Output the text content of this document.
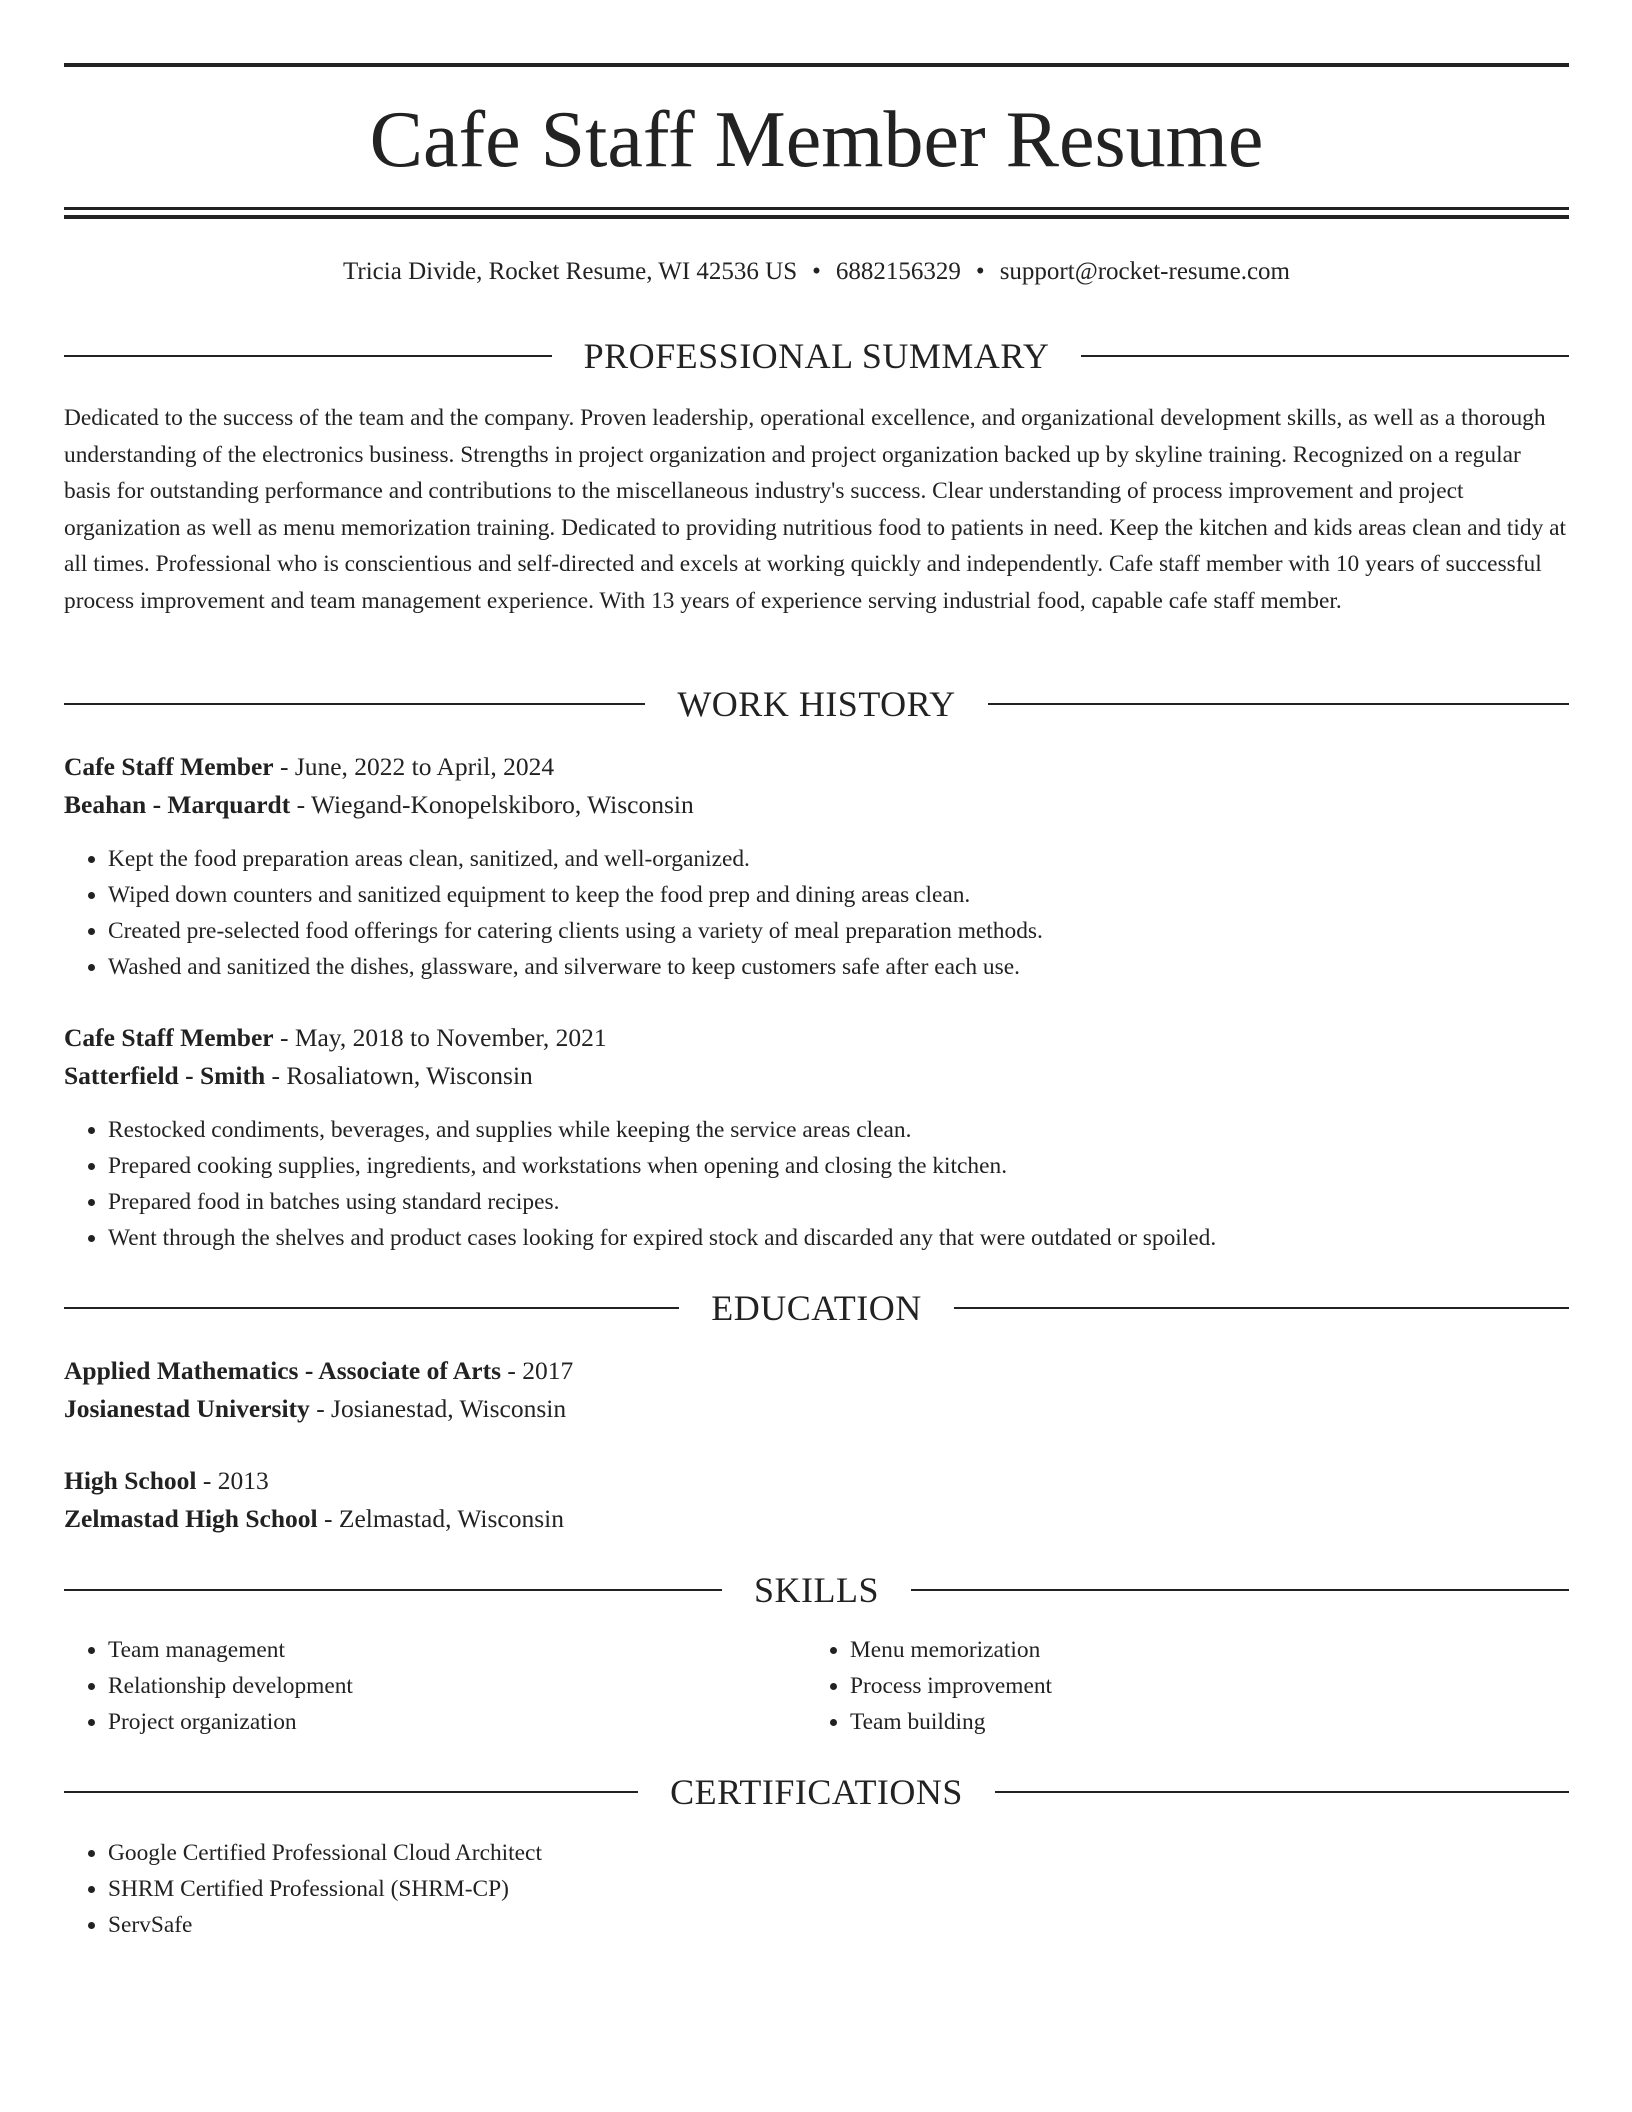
Cafe Staff Member Resume
Tricia Divide, Rocket Resume, WI 42536 US • 6882156329 • support@rocket-resume.com
PROFESSIONAL SUMMARY

Dedicated to the success of the team and the company. Proven leadership, operational excellence, and organizational development skills, as well as a thorough understanding of the electronics business. Strengths in project organization and project organization backed up by skyline training. Recognized on a regular basis for outstanding performance and contributions to the miscellaneous industry's success. Clear understanding of process improvement and project organization as well as menu memorization training. Dedicated to providing nutritious food to patients in need. Keep the kitchen and kids areas clean and tidy at all times. Professional who is conscientious and self-directed and excels at working quickly and independently. Cafe staff member with 10 years of successful process improvement and team management experience. With 13 years of experience serving industrial food, capable cafe staff member.

WORK HISTORY
Cafe Staff Member - June, 2022 to April, 2024
Beahan - Marquardt - Wiegand-Konopelskiboro, Wisconsin
• Kept the food preparation areas clean, sanitized, and well-organized.
• Wiped down counters and sanitized equipment to keep the food prep and dining areas clean.
• Created pre-selected food offerings for catering clients using a variety of meal preparation methods.
• Washed and sanitized the dishes, glassware, and silverware to keep customers safe after each use.
Cafe Staff Member - May, 2018 to November, 2021
Satterfield - Smith - Rosaliatown, Wisconsin
• Restocked condiments, beverages, and supplies while keeping the service areas clean.
• Prepared cooking supplies, ingredients, and workstations when opening and closing the kitchen.
• Prepared food in batches using standard recipes.
• Went through the shelves and product cases looking for expired stock and discarded any that were outdated or spoiled.
EDUCATION
Applied Mathematics - Associate of Arts - 2017
Josianestad University - Josianestad, Wisconsin
High School - 2013
Zelmastad High School - Zelmastad, Wisconsin
SKILLS
• Team management
• Relationship development
• Project organization
• Menu memorization
• Process improvement
• Team building
CERTIFICATIONS
• Google Certified Professional Cloud Architect
• SHRM Certified Professional (SHRM-CP)
• ServSafe
